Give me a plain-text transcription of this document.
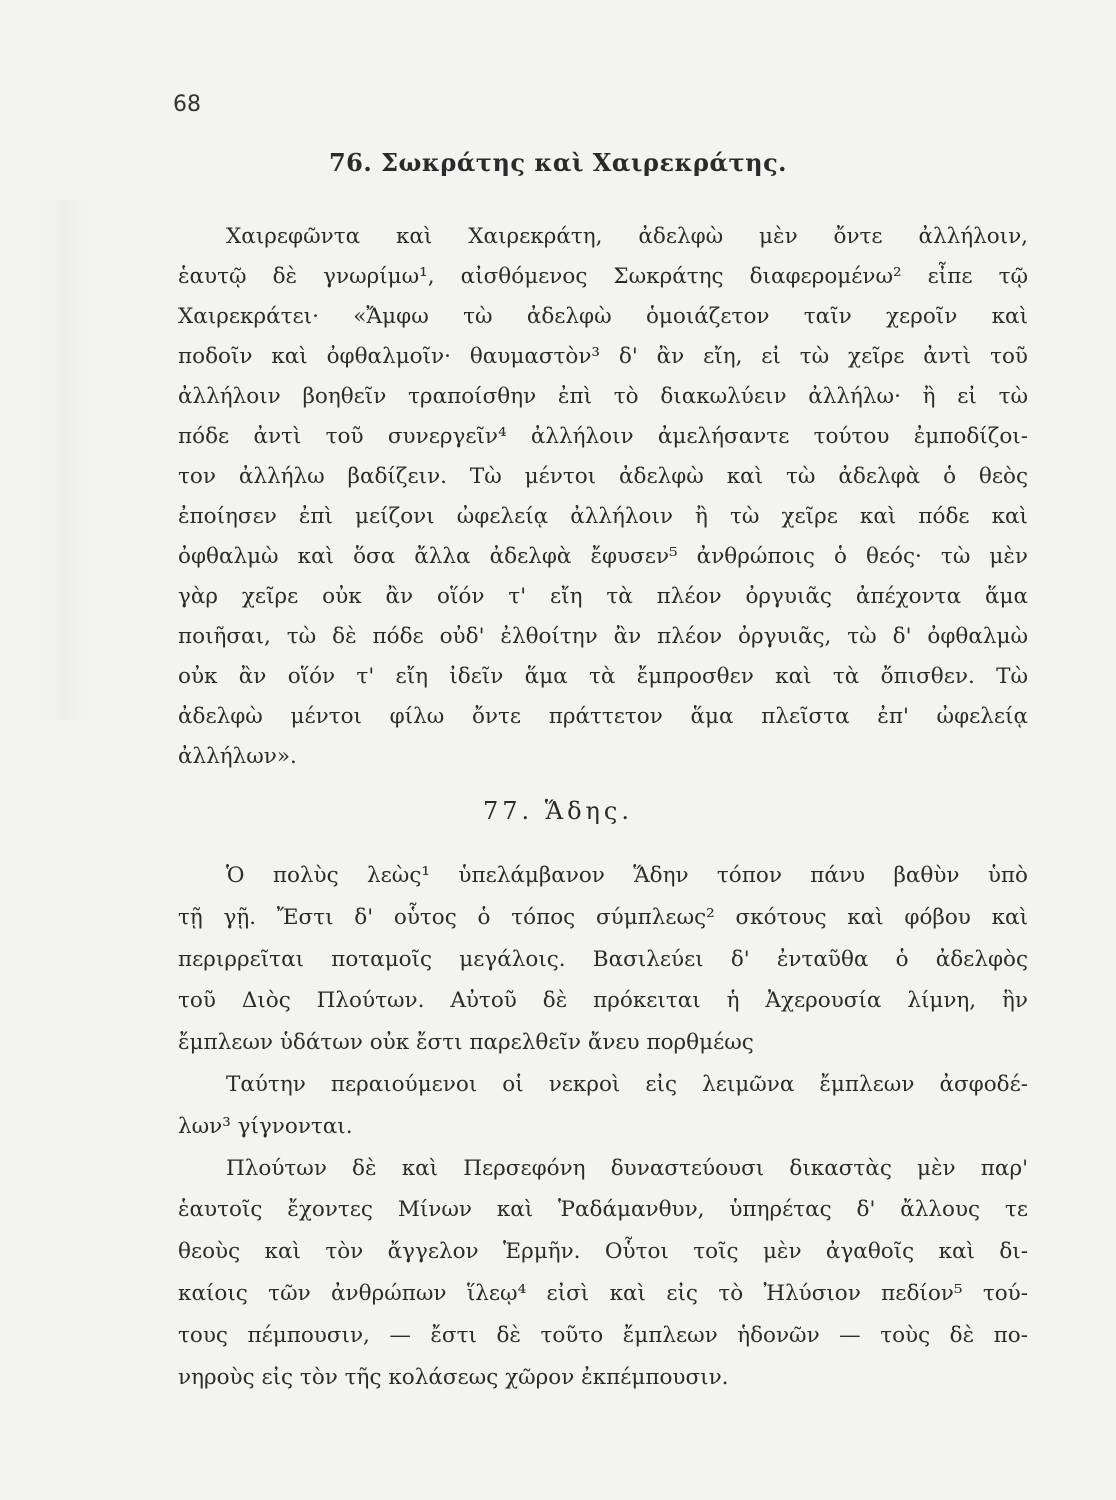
68
76. Σωκράτης καὶ Χαιρεκράτης.
Χαιρεφῶντα καὶ Χαιρεκράτη, ἀδελφὼ μὲν ὄντε ἀλλήλοιν,
ἑαυτῷ δὲ γνωρίμω¹, αἰσθόμενος Σωκράτης διαφερομένω² εἶπε τῷ
Χαιρεκράτει· «Ἄμφω τὼ ἀδελφὼ ὁμοιάζετον ταῖν χεροῖν καὶ
ποδοῖν καὶ ὀφθαλμοῖν· θαυμαστὸν³ δ' ἂν εἴη, εἰ τὼ χεῖρε ἀντὶ τοῦ
ἀλλήλοιν βοηθεῖν τραποίσθην ἐπὶ τὸ διακωλύειν ἀλλήλω· ἢ εἰ τὼ
πόδε ἀντὶ τοῦ συνεργεῖν⁴ ἀλλήλοιν ἀμελήσαντε τούτου ἐμποδίζοι-
τον ἀλλήλω βαδίζειν. Τὼ μέντοι ἀδελφὼ καὶ τὼ ἀδελφὰ ὁ θεὸς
ἐποίησεν ἐπὶ μείζονι ὠφελείᾳ ἀλλήλοιν ἢ τὼ χεῖρε καὶ πόδε καὶ
ὀφθαλμὼ καὶ ὅσα ἄλλα ἀδελφὰ ἔφυσεν⁵ ἀνθρώποις ὁ θεός· τὼ μὲν
γὰρ χεῖρε οὐκ ἂν οἵόν τ' εἴη τὰ πλέον ὀργυιᾶς ἀπέχοντα ἅμα
ποιῆσαι, τὼ δὲ πόδε οὐδ' ἐλθοίτην ἂν πλέον ὀργυιᾶς, τὼ δ' ὀφθαλμὼ
οὐκ ἂν οἵόν τ' εἴη ἰδεῖν ἅμα τὰ ἔμπροσθεν καὶ τὰ ὄπισθεν. Τὼ
ἀδελφὼ μέντοι φίλω ὄντε πράττετον ἅμα πλεῖστα ἐπ' ὠφελείᾳ
ἀλλήλων».
77. Ἅδης.
Ὁ πολὺς λεὼς¹ ὑπελάμβανον Ἅδην τόπον πάνυ βαθὺν ὑπὸ
τῇ γῇ. Ἔστι δ' οὗτος ὁ τόπος σύμπλεως² σκότους καὶ φόβου καὶ
περιρρεῖται ποταμοῖς μεγάλοις. Βασιλεύει δ' ἐνταῦθα ὁ ἀδελφὸς
τοῦ Διὸς Πλούτων. Αὐτοῦ δὲ πρόκειται ἡ Ἀχερουσία λίμνη, ἣν
ἔμπλεων ὑδάτων οὐκ ἔστι παρελθεῖν ἄνευ πορθμέως
Ταύτην περαιούμενοι οἱ νεκροὶ εἰς λειμῶνα ἔμπλεων ἀσφοδέ-
λων³ γίγνονται.
Πλούτων δὲ καὶ Περσεφόνη δυναστεύουσι δικαστὰς μὲν παρ'
ἑαυτοῖς ἔχοντες Μίνων καὶ Ῥαδάμανθυν, ὑπηρέτας δ' ἄλλους τε
θεοὺς καὶ τὸν ἄγγελον Ἑρμῆν. Οὗτοι τοῖς μὲν ἀγαθοῖς καὶ δι-
καίοις τῶν ἀνθρώπων ἵλεῳ⁴ εἰσὶ καὶ εἰς τὸ Ἠλύσιον πεδίον⁵ τού-
τους πέμπουσιν, — ἔστι δὲ τοῦτο ἔμπλεων ἡδονῶν — τοὺς δὲ πο-
νηροὺς εἰς τὸν τῆς κολάσεως χῶρον ἐκπέμπουσιν.
